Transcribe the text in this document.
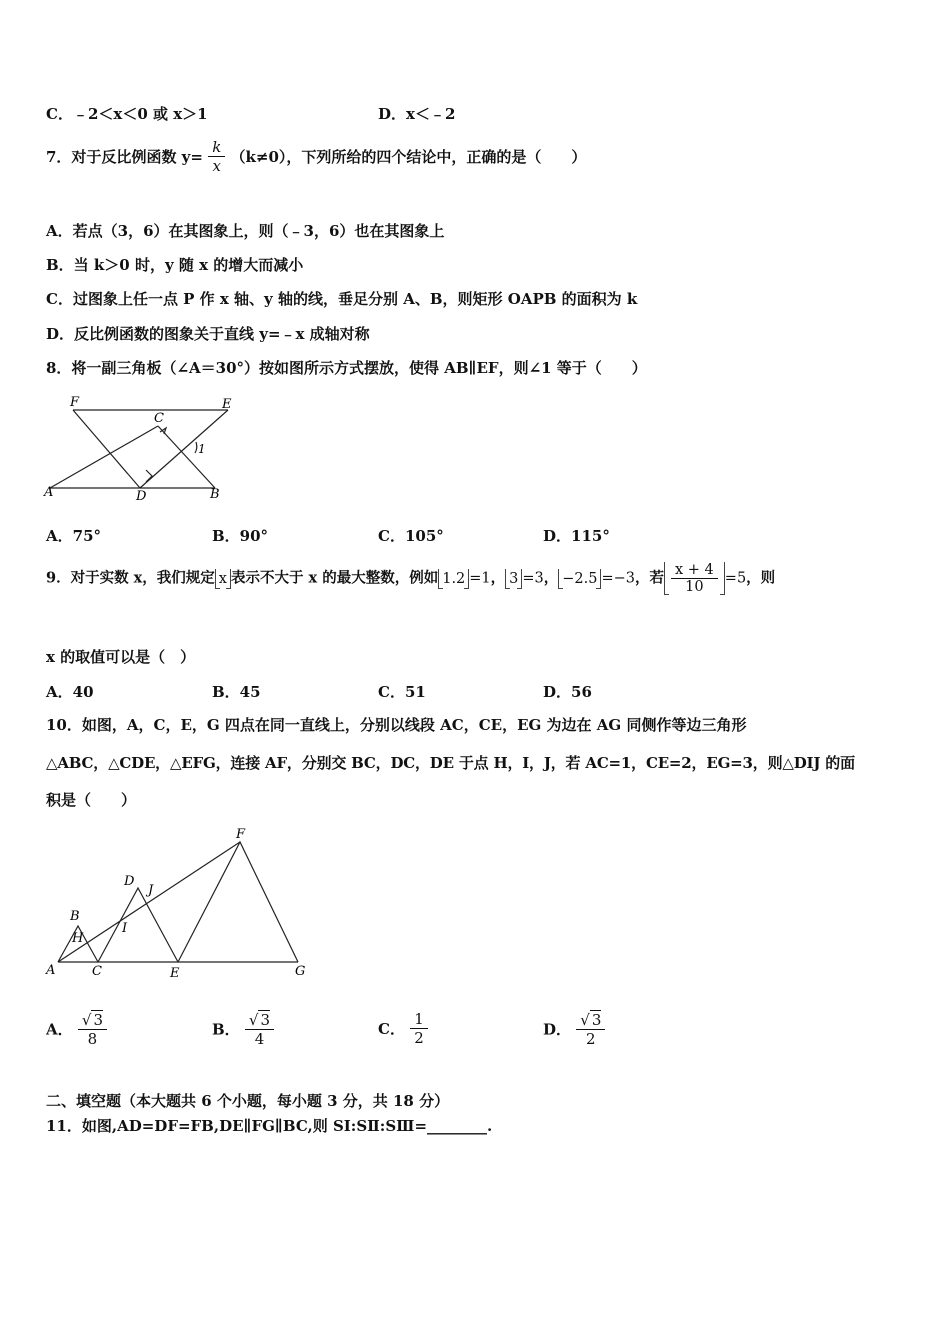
C．﹣2＜x＜0 或 x＞1	D．x＜﹣2
7．对于反比例函数 $y= \frac{k}{x} (k\ne 0)$，下列所给的四个结论中，正确的是（　　）
A．若点（3，6）在其图象上，则（﹣3，6）也在其图象上
B．当 k＞0 时，y 随 x 的增大而减小
C．过图象上任一点 P 作 x 轴、y 轴的线，垂足分别 A、B，则矩形 OAPB 的面积为 k
D．反比例函数的图象关于直线 y=﹣x 成轴对称
8．将一副三角板（∠A＝30°）按如图所示方式摆放，使得 AB∥EF，则∠1 等于（　　）
F	E
C
1
A	D	B
A．75°	B．90°	C．105°	D．115°
9．对于实数 x，我们规定 x 表示不大于 x 的最大整数，例如 1.2 =1， 3 =3， −2.5 =−3，若 $\frac{x + 4}{10} =5$，则
x 的取值可以是（　）
A．40	B．45	C．51	D．56
10．如图，A，C，E，G 四点在同一直线上，分别以线段 AC，CE，EG 为边在 AG 同侧作等边三角形
△ABC，△CDE，△EFG，连接 AF，分别交 BC，DC，DE 于点 H，I，J，若 AC=1，CE=2，EG=3，则△DIJ 的面
积是（　　）
F
D
J
B
I
H
A	C	E	G
A． $\frac{√ 3}{8}$	B． $\frac{√ 3}{4}$	C． $\frac{1}{2}$	D． $\frac{√ 3}{2}$
二、填空题（本大题共 6 个小题，每小题 3 分，共 18 分）
11．如图,AD=DF=FB,DE∥FG∥BC,则 SⅠ:SⅡ:SⅢ=________.
